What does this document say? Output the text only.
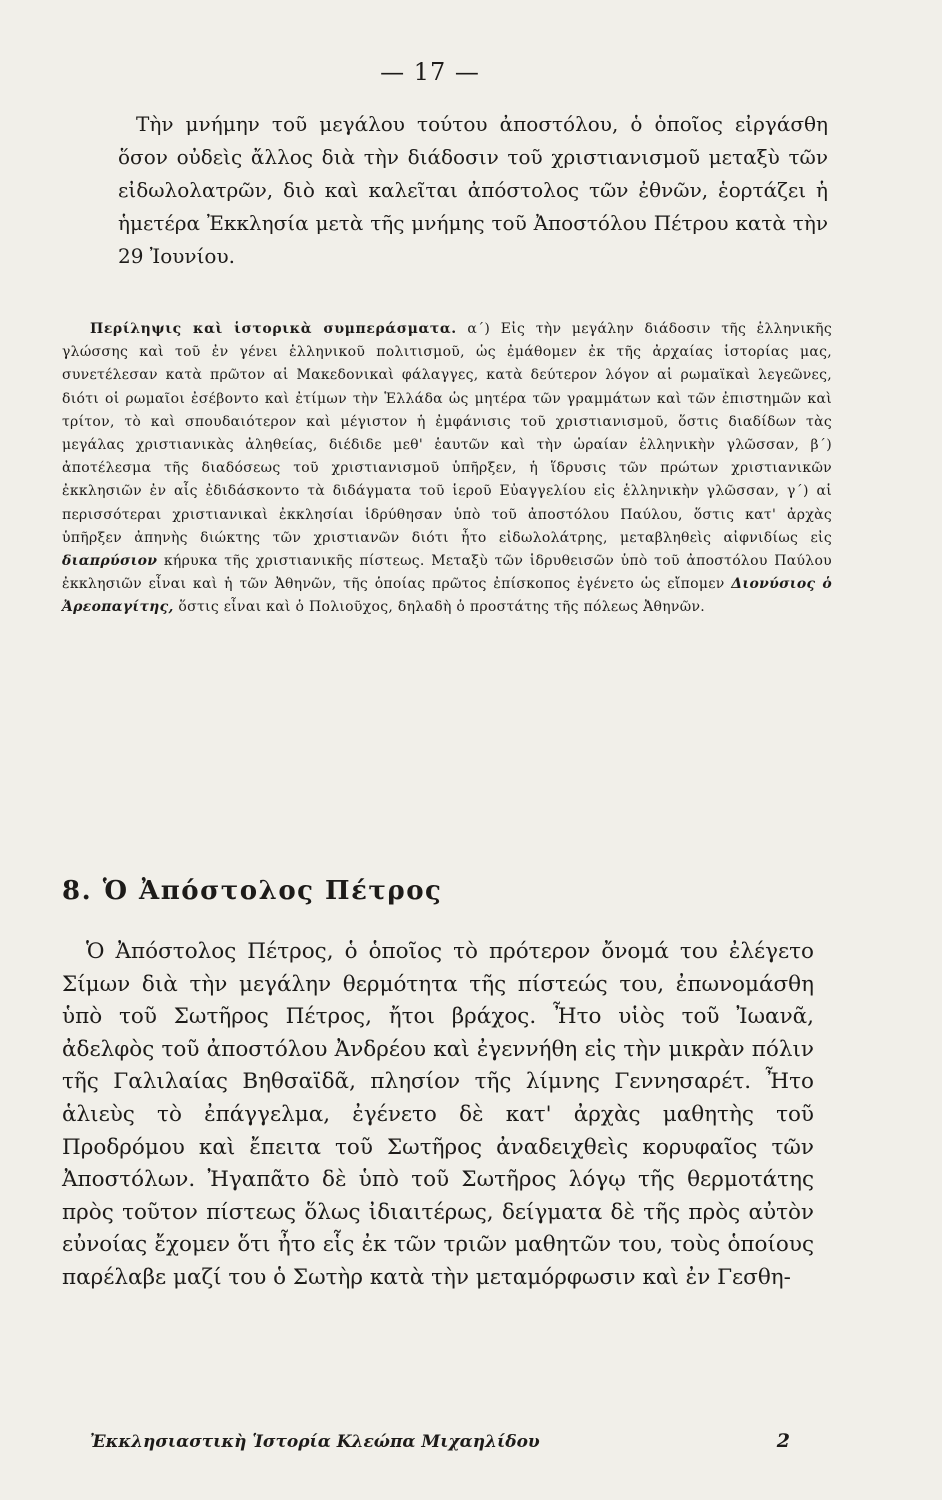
— 17 —

Τὴν μνήμην τοῦ μεγάλου τούτου ἀποστόλου, ὁ ὁποῖος εἰργάσθη ὅσον οὐδεὶς ἄλλος διὰ τὴν διάδοσιν τοῦ χριστιανισμοῦ μεταξὺ τῶν εἰδωλολατρῶν, διὸ καὶ καλεῖται ἀπόστολος τῶν ἐθνῶν, ἑορτάζει ἡ ἡμετέρα Ἐκκλησία μετὰ τῆς μνήμης τοῦ Ἀποστόλου Πέτρου κατὰ τὴν 29 Ἰουνίου.

Περίληψις καὶ ἱστορικὰ συμπεράσματα. α΄) Εἰς τὴν μεγάλην διάδοσιν τῆς ἑλληνικῆς γλώσσης καὶ τοῦ ἐν γένει ἑλληνικοῦ πολιτισμοῦ, ὡς ἐμάθομεν ἐκ τῆς ἀρχαίας ἱστορίας μας, συνετέλεσαν κατὰ πρῶτον αἱ Μακεδονικαὶ φάλαγγες, κατὰ δεύτερον λόγον αἱ ρωμαϊκαὶ λεγεῶνες, διότι οἱ ρωμαῖοι ἐσέβοντο καὶ ἐτίμων τὴν Ἑλλάδα ὡς μητέρα τῶν γραμμάτων καὶ τῶν ἐπιστημῶν καὶ τρίτον, τὸ καὶ σπουδαιότερον καὶ μέγιστον ἡ ἐμφάνισις τοῦ χριστιανισμοῦ, ὅστις διαδίδων τὰς μεγάλας χριστιανικὰς ἀληθείας, διέδιδε μεθ' ἑαυτῶν καὶ τὴν ὡραίαν ἑλληνικὴν γλῶσσαν, β΄) ἀποτέλεσμα τῆς διαδόσεως τοῦ χριστιανισμοῦ ὑπῆρξεν, ἡ ἵδρυσις τῶν πρώτων χριστιανικῶν ἐκκλησιῶν ἐν αἷς ἐδιδάσκοντο τὰ διδάγματα τοῦ ἱεροῦ Εὐαγγελίου εἰς ἑλληνικὴν γλῶσσαν, γ΄) αἱ περισσότεραι χριστιανικαὶ ἐκκλησίαι ἱδρύθησαν ὑπὸ τοῦ ἀποστόλου Παύλου, ὅστις κατ' ἀρχὰς ὑπῆρξεν ἀπηνὴς διώκτης τῶν χριστιανῶν διότι ἦτο εἰδωλολάτρης, μεταβληθεὶς αἰφνιδίως εἰς διαπρύσιον κήρυκα τῆς χριστιανικῆς πίστεως. Μεταξὺ τῶν ἱδρυθεισῶν ὑπὸ τοῦ ἀποστόλου Παύλου ἐκκλησιῶν εἶναι καὶ ἡ τῶν Ἀθηνῶν, τῆς ὁποίας πρῶτος ἐπίσκοπος ἐγένετο ὡς εἴπομεν Διονύσιος ὁ Ἀρεοπαγίτης, ὅστις εἶναι καὶ ὁ Πολιοῦχος, δηλαδὴ ὁ προστάτης τῆς πόλεως Ἀθηνῶν.

8. Ὁ Ἀπόστολος Πέτρος

Ὁ Ἀπόστολος Πέτρος, ὁ ὁποῖος τὸ πρότερον ὄνομά του ἐλέγετο Σίμων διὰ τὴν μεγάλην θερμότητα τῆς πίστεώς του, ἐπωνομάσθη ὑπὸ τοῦ Σωτῆρος Πέτρος, ἤτοι βράχος. Ἦτο υἱὸς τοῦ Ἰωανᾶ, ἀδελφὸς τοῦ ἀποστόλου Ἀνδρέου καὶ ἐγεννήθη εἰς τὴν μικρὰν πόλιν τῆς Γαλιλαίας Βηθσαϊδᾶ, πλησίον τῆς λίμνης Γεννησαρέτ. Ἦτο ἁλιεὺς τὸ ἐπάγγελμα, ἐγένετο δὲ κατ' ἀρχὰς μαθητὴς τοῦ Προδρόμου καὶ ἔπειτα τοῦ Σωτῆρος ἀναδειχθεὶς κορυφαῖος τῶν Ἀποστόλων. Ἠγαπᾶτο δὲ ὑπὸ τοῦ Σωτῆρος λόγῳ τῆς θερμοτάτης πρὸς τοῦτον πίστεως ὅλως ἰδιαιτέρως, δείγματα δὲ τῆς πρὸς αὐτὸν εὐνοίας ἔχομεν ὅτι ἦτο εἷς ἐκ τῶν τριῶν μαθητῶν του, τοὺς ὁποίους παρέλαβε μαζί του ὁ Σωτὴρ κατὰ τὴν μεταμόρφωσιν καὶ ἐν Γεσθη-

Ἐκκλησιαστικὴ Ἱστορία Κλεώπα Μιχαηλίδου	2
